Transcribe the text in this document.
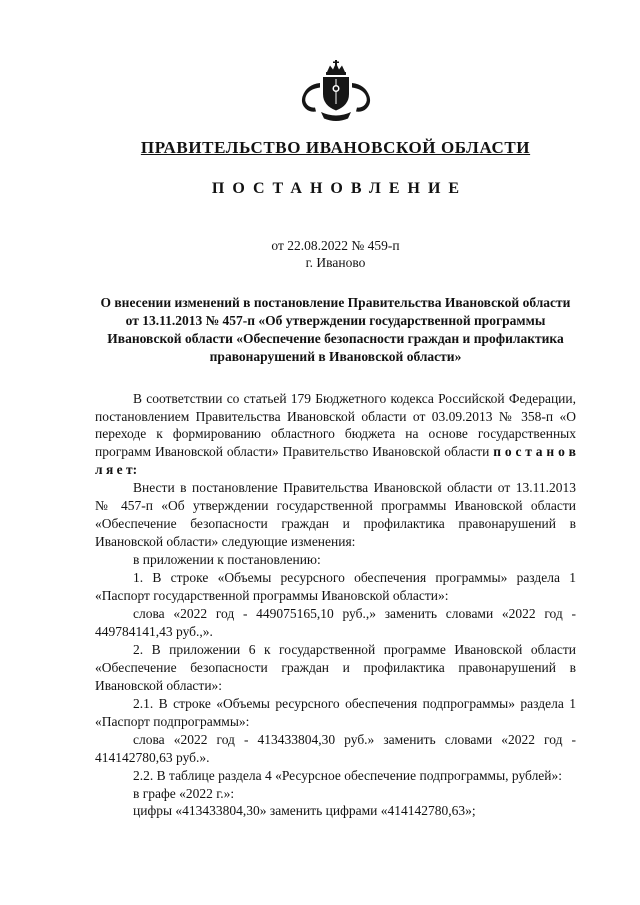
ПРАВИТЕЛЬСТВО ИВАНОВСКОЙ ОБЛАСТИ
ПОСТАНОВЛЕНИЕ
от 22.08.2022 № 459-п
г. Иваново
О внесении изменений в постановление Правительства Ивановской области от 13.11.2013 № 457-п «Об утверждении государственной программы Ивановской области «Обеспечение безопасности граждан и профилактика правонарушений в Ивановской области»

В соответствии со статьей 179 Бюджетного кодекса Российской Федерации, постановлением Правительства Ивановской области от 03.09.2013 № 358-п «О переходе к формированию областного бюджета на основе государственных программ Ивановской области» Правительство Ивановской области п о с т а н о в л я е т:

Внести в постановление Правительства Ивановской области от 13.11.2013 № 457-п «Об утверждении государственной программы Ивановской области «Обеспечение безопасности граждан и профилактика правонарушений в Ивановской области» следующие изменения:

в приложении к постановлению:

1. В строке «Объемы ресурсного обеспечения программы» раздела 1 «Паспорт государственной программы Ивановской области»:

слова «2022 год - 449075165,10 руб.,» заменить словами «2022 год - 449784141,43 руб.,».

2. В приложении 6 к государственной программе Ивановской области «Обеспечение безопасности граждан и профилактика правонарушений в Ивановской области»:

2.1. В строке «Объемы ресурсного обеспечения подпрограммы» раздела 1 «Паспорт подпрограммы»:

слова «2022 год - 413433804,30 руб.» заменить словами «2022 год - 414142780,63 руб.».

2.2. В таблице раздела 4 «Ресурсное обеспечение подпрограммы, рублей»:

в графе «2022 г.»:

цифры «413433804,30» заменить цифрами «414142780,63»;
